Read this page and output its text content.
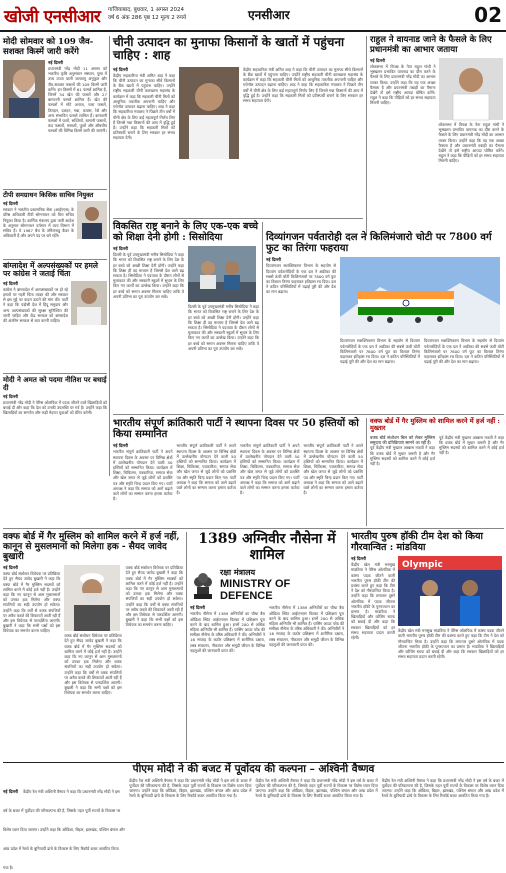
खोजी एनसीआर गाजियाबाद, बुधवार, 1 अगस्त 2024
वर्ष 6 अंक 286 पृष्ठ 12 मूल्य 2 रुपये	एनसीआर	02
मोदी सोमवार को 109 जैव-सशक्त किस्में जारी करेंगे
नई दिल्ली
प्रधानमंत्री नरेंद्र मोदी 11 अगस्त को भारतीय कृषि अनुसंधान संस्थान, पूसा में उच्च उपज वाली जलवायु अनुकूल और जैव-सशक्त फसलों की 109 किस्में जारी करेंगे। इन किस्मों में 61 फसलें शामिल हैं, जिनमें 34 खेत की फसलें और 27 बागवानी फसलें शामिल हैं। खेत की फसलों में मोटे अनाज, चारा फसलें, तिलहन, दलहन, गन्ना, कपास, रेशे और अन्य संभावित फसलें शामिल हैं। बागवानी फसलों में फलों, सब्जियों, बागानी फसलों, कंद फसलों, मसालों, फूलों और औषधीय फसलों की विभिन्न किस्में जारी की जाएंगी।
टीपी समग्राथन किसिक साचिव नियुक्त
नई दिल्ली
सरकार ने भारतीय प्रशासनिक सेवा (आईएएस) के वरिष्ठ अधिकारी टीवी सोमनाथन को वित्त सचिव नियुक्त किया है। कार्मिक मंत्रालय द्वारा जारी आदेश के अनुसार सोमनाथन वर्तमान में व्यय विभाग में सचिव हैं। वे 1987 बैच के तमिलनाडु कैडर के अधिकारी हैं और अपने पद पर बने रहेंगे।
बांग्लादेश में अल्पसंख्यकों पर हमले पर कांग्रेस ने जताई चिंता
नई दिल्ली
कांग्रेस ने बांग्लादेश में अल्पसंख्यकों पर हो रहे हमलों पर गहरी चिंता व्यक्त की और सरकार से इस मुद्दे पर कदम उठाने की मांग की। पार्टी ने कहा कि पड़ोसी देश में हिंदू समुदाय और अन्य अल्पसंख्यकों की सुरक्षा सुनिश्चित की जानी चाहिए और केंद्र सरकार को बांग्लादेश की अंतरिम सरकार से बात करनी चाहिए।
मोदी ने अमत को पदमा नीतिश पर बधाई दी
नई दिल्ली
प्रधानमंत्री नरेंद्र मोदी ने पेरिस ओलंपिक में पदक जीतने वाले खिलाड़ियों को बधाई दी और कहा कि देश को उनकी उपलब्धि पर गर्व है। उन्होंने कहा कि खिलाड़ियों का समर्पण और कड़ी मेहनत युवाओं को प्रेरित करेगी।
चीनी उत्पादन का मुनाफा किसानों के खातों में पहुंचना चाहिए : शाह
नई दिल्ली
केंद्रीय सहकारिता मंत्री अमित शाह ने कहा कि चीनी उत्पादन का मुनाफा सीधे किसानों के बैंक खातों में पहुंचना चाहिए। उन्होंने राष्ट्रीय सहकारी चीनी कारखाना महासंघ के कार्यक्रम में कहा कि सहकारी चीनी मिलों को आधुनिक तकनीक अपनानी चाहिए और एथेनॉल उत्पादन बढ़ाना चाहिए। शाह ने कहा कि सहकारिता मंत्रालय ने पिछले तीन वर्षों में चीनी क्षेत्र के लिए कई महत्वपूर्ण निर्णय लिए हैं जिनसे गन्ना किसानों की आय में वृद्धि हुई है। उन्होंने कहा कि सहकारी मिलों को प्रतिस्पर्धी बनाने के लिए सरकार हर संभव सहायता देगी।
केंद्रीय सहकारिता मंत्री अमित शाह ने कहा कि चीनी उत्पादन का मुनाफा सीधे किसानों के बैंक खातों में पहुंचना चाहिए। उन्होंने राष्ट्रीय सहकारी चीनी कारखाना महासंघ के कार्यक्रम में कहा कि सहकारी चीनी मिलों को आधुनिक तकनीक अपनानी चाहिए और एथेनॉल उत्पादन बढ़ाना चाहिए। शाह ने कहा कि सहकारिता मंत्रालय ने पिछले तीन वर्षों में चीनी क्षेत्र के लिए कई महत्वपूर्ण निर्णय लिए हैं जिनसे गन्ना किसानों की आय में वृद्धि हुई है। उन्होंने कहा कि सहकारी मिलों को प्रतिस्पर्धी बनाने के लिए सरकार हर संभव सहायता देगी।
राहुल ने वायनाड जाने के फैसले के लिए प्रधानमंत्री का आभार जताया
नई दिल्ली
लोकसभा में विपक्ष के नेता राहुल गांधी ने भूस्खलन प्रभावित वायनाड का दौरा करने के फैसले के लिए प्रधानमंत्री नरेंद्र मोदी का आभार व्यक्त किया। उन्होंने कहा कि यह एक अच्छा फैसला है और प्रधानमंत्री तबाही का पैमाना देखेंगे तो इसे राष्ट्रीय आपदा घोषित करेंगे। राहुल ने कहा कि पीड़ितों को हर संभव सहायता मिलनी चाहिए।
लोकसभा में विपक्ष के नेता राहुल गांधी ने भूस्खलन प्रभावित वायनाड का दौरा करने के फैसले के लिए प्रधानमंत्री नरेंद्र मोदी का आभार व्यक्त किया। उन्होंने कहा कि यह एक अच्छा फैसला है और प्रधानमंत्री तबाही का पैमाना देखेंगे तो इसे राष्ट्रीय आपदा घोषित करेंगे। राहुल ने कहा कि पीड़ितों को हर संभव सहायता मिलनी चाहिए।
विकसित राष्ट्र बनाने के लिए एक-एक बच्चे को शिक्षा देनी होगी : सिसोदिया
नई दिल्ली
दिल्ली के पूर्व उपमुख्यमंत्री मनीष सिसोदिया ने कहा कि भारत को विकसित राष्ट्र बनाने के लिए देश के हर बच्चे को अच्छी शिक्षा देनी होगी। उन्होंने कहा कि शिक्षा ही वह माध्यम है जिससे देश आगे बढ़ सकता है। सिसोदिया ने पदयात्रा के दौरान लोगों से मुलाकात की और सरकारी स्कूलों में सुधार के लिए किए गए कार्यों का उल्लेख किया। उन्होंने कहा कि हर बच्चे को समान अवसर मिलना चाहिए ताकि वे अपनी प्रतिभा का पूरा उपयोग कर सकें।
दिल्ली के पूर्व उपमुख्यमंत्री मनीष सिसोदिया ने कहा कि भारत को विकसित राष्ट्र बनाने के लिए देश के हर बच्चे को अच्छी शिक्षा देनी होगी। उन्होंने कहा कि शिक्षा ही वह माध्यम है जिससे देश आगे बढ़ सकता है। सिसोदिया ने पदयात्रा के दौरान लोगों से मुलाकात की और सरकारी स्कूलों में सुधार के लिए किए गए कार्यों का उल्लेख किया। उन्होंने कहा कि हर बच्चे को समान अवसर मिलना चाहिए ताकि वे अपनी प्रतिभा का पूरा उपयोग कर सकें।
दिव्यांगजन पर्वतारोही दल ने किलिमंजारो चोटी पर 7800 वर्ग फुट का तिरंगा फहराया
नई दिल्ली
दिव्यांगजन सशक्तिकरण विभाग के सहयोग से दिव्यांग पर्वतारोहियों के एक दल ने अफ्रीका की सबसे ऊंची चोटी किलिमंजारो पर 7800 वर्ग फुट का विशाल तिरंगा फहराकर इतिहास रच दिया। दल ने कठिन परिस्थितियों में चढ़ाई पूरी की और देश का मान बढ़ाया।
दिव्यांगजन सशक्तिकरण विभाग के सहयोग से दिव्यांग पर्वतारोहियों के एक दल ने अफ्रीका की सबसे ऊंची चोटी किलिमंजारो पर 7800 वर्ग फुट का विशाल तिरंगा फहराकर इतिहास रच दिया। दल ने कठिन परिस्थितियों में चढ़ाई पूरी की और देश का मान बढ़ाया।
दिव्यांगजन सशक्तिकरण विभाग के सहयोग से दिव्यांग पर्वतारोहियों के एक दल ने अफ्रीका की सबसे ऊंची चोटी किलिमंजारो पर 7800 वर्ग फुट का विशाल तिरंगा फहराकर इतिहास रच दिया। दल ने कठिन परिस्थितियों में चढ़ाई पूरी की और देश का मान बढ़ाया।
भारतीय संपूर्ण क्रांतिकारी पार्टी ने स्थापना दिवस पर 50 हस्तियों को किया सम्मानित
नई दिल्ली
भारतीय संपूर्ण क्रांतिकारी पार्टी ने अपने स्थापना दिवस के अवसर पर विभिन्न क्षेत्रों में उल्लेखनीय योगदान देने वाली 50 हस्तियों को सम्मानित किया। कार्यक्रम में शिक्षा, चिकित्सा, पत्रकारिता, समाज सेवा और खेल जगत से जुड़े लोगों को प्रशस्ति पत्र और स्मृति चिन्ह प्रदान किए गए। पार्टी अध्यक्ष ने कहा कि समाज को आगे बढ़ाने वाले लोगों का सम्मान करना हमारा कर्तव्य है।
भारतीय संपूर्ण क्रांतिकारी पार्टी ने अपने स्थापना दिवस के अवसर पर विभिन्न क्षेत्रों में उल्लेखनीय योगदान देने वाली 50 हस्तियों को सम्मानित किया। कार्यक्रम में शिक्षा, चिकित्सा, पत्रकारिता, समाज सेवा और खेल जगत से जुड़े लोगों को प्रशस्ति पत्र और स्मृति चिन्ह प्रदान किए गए। पार्टी अध्यक्ष ने कहा कि समाज को आगे बढ़ाने वाले लोगों का सम्मान करना हमारा कर्तव्य है।
भारतीय संपूर्ण क्रांतिकारी पार्टी ने अपने स्थापना दिवस के अवसर पर विभिन्न क्षेत्रों में उल्लेखनीय योगदान देने वाली 50 हस्तियों को सम्मानित किया। कार्यक्रम में शिक्षा, चिकित्सा, पत्रकारिता, समाज सेवा और खेल जगत से जुड़े लोगों को प्रशस्ति पत्र और स्मृति चिन्ह प्रदान किए गए। पार्टी अध्यक्ष ने कहा कि समाज को आगे बढ़ाने वाले लोगों का सम्मान करना हमारा कर्तव्य है।
भारतीय संपूर्ण क्रांतिकारी पार्टी ने अपने स्थापना दिवस के अवसर पर विभिन्न क्षेत्रों में उल्लेखनीय योगदान देने वाली 50 हस्तियों को सम्मानित किया। कार्यक्रम में शिक्षा, चिकित्सा, पत्रकारिता, समाज सेवा और खेल जगत से जुड़े लोगों को प्रशस्ति पत्र और स्मृति चिन्ह प्रदान किए गए। पार्टी अध्यक्ष ने कहा कि समाज को आगे बढ़ाने वाले लोगों का सम्मान करना हमारा कर्तव्य है।
वक्फ बोर्ड में गैर मुस्लिम को शामिल करने में हर्ज नहीं : मुख्तार
वक्फ बोर्ड संशोधन बिल को लेकर मुस्लिम समुदाय की प्रतिक्रियाएं सामने आ रही हैं।
पूर्व केंद्रीय मंत्री मुख्तार अब्बास नकवी ने कहा कि वक्फ बोर्ड में सुधार जरूरी है और गैर मुस्लिम सदस्यों को शामिल करने में कोई हर्ज नहीं है।
पूर्व केंद्रीय मंत्री मुख्तार अब्बास नकवी ने कहा कि वक्फ बोर्ड में सुधार जरूरी है और गैर मुस्लिम सदस्यों को शामिल करने में कोई हर्ज नहीं है।
वक्फ बोर्ड में गैर मुस्लिम को शामिल करने में हर्ज नहीं, कानून से मुसलमानों को मिलेगा हक - सैयद जावेद बुखारी
नई दिल्ली
वक्फ बोर्ड संशोधन विधेयक पर प्रतिक्रिया देते हुए सैयद जावेद बुखारी ने कहा कि वक्फ बोर्ड में गैर मुस्लिम सदस्यों को शामिल करने में कोई हर्ज नहीं है। उन्होंने कहा कि नए कानून से आम मुसलमानों को उनका हक मिलेगा और वक्फ संपत्तियों का सही उपयोग हो सकेगा। उन्होंने कहा कि वर्षों से वक्फ संपत्तियों पर अवैध कब्जे की शिकायतें आती रही हैं और इस विधेयक से पारदर्शिता आएगी। बुखारी ने कहा कि सभी पक्षों को इस विधेयक का समर्थन करना चाहिए।
वक्फ बोर्ड संशोधन विधेयक पर प्रतिक्रिया देते हुए सैयद जावेद बुखारी ने कहा कि वक्फ बोर्ड में गैर मुस्लिम सदस्यों को शामिल करने में कोई हर्ज नहीं है। उन्होंने कहा कि नए कानून से आम मुसलमानों को उनका हक मिलेगा और वक्फ संपत्तियों का सही उपयोग हो सकेगा। उन्होंने कहा कि वर्षों से वक्फ संपत्तियों पर अवैध कब्जे की शिकायतें आती रही हैं और इस विधेयक से पारदर्शिता आएगी। बुखारी ने कहा कि सभी पक्षों को इस विधेयक का समर्थन करना चाहिए।
वक्फ बोर्ड संशोधन विधेयक पर प्रतिक्रिया देते हुए सैयद जावेद बुखारी ने कहा कि वक्फ बोर्ड में गैर मुस्लिम सदस्यों को शामिल करने में कोई हर्ज नहीं है। उन्होंने कहा कि नए कानून से आम मुसलमानों को उनका हक मिलेगा और वक्फ संपत्तियों का सही उपयोग हो सकेगा। उन्होंने कहा कि वर्षों से वक्फ संपत्तियों पर अवैध कब्जे की शिकायतें आती रही हैं और इस विधेयक से पारदर्शिता आएगी। बुखारी ने कहा कि सभी पक्षों को इस विधेयक का समर्थन करना चाहिए।
1389 अग्निवीर नौसेना में शामिल
रक्षा मंत्रालय
MINISTRY OF
DEFENCE
नई दिल्ली
भारतीय नौसेना में 1389 अग्निवीरों का चौथा बैच ओडिशा स्थित आईएनएस चिल्का में प्रशिक्षण पूरा करने के बाद शामिल हुआ। इनमें 200 से अधिक महिला अग्निवीर भी शामिल हैं। पासिंग आउट परेड की समीक्षा नौसेना के वरिष्ठ अधिकारी ने की। अग्निवीरों ने 16 सप्ताह के कठोर प्रशिक्षण में शारीरिक दक्षता, शस्त्र संचालन, नौकायन और समुद्री जीवन के विभिन्न पहलुओं की जानकारी प्राप्त की।
भारतीय नौसेना में 1389 अग्निवीरों का चौथा बैच ओडिशा स्थित आईएनएस चिल्का में प्रशिक्षण पूरा करने के बाद शामिल हुआ। इनमें 200 से अधिक महिला अग्निवीर भी शामिल हैं। पासिंग आउट परेड की समीक्षा नौसेना के वरिष्ठ अधिकारी ने की। अग्निवीरों ने 16 सप्ताह के कठोर प्रशिक्षण में शारीरिक दक्षता, शस्त्र संचालन, नौकायन और समुद्री जीवन के विभिन्न पहलुओं की जानकारी प्राप्त की।
भारतीय पुरुष हॉकी टीम देश को किया गौरवान्वित : मांडविया
नई दिल्ली
केंद्रीय खेल मंत्री मनसुख मांडविया ने पेरिस ओलंपिक में कांस्य पदक जीतने वाली भारतीय पुरुष हॉकी टीम की प्रशंसा करते हुए कहा कि टीम ने देश को गौरवान्वित किया है। उन्होंने कहा कि लगातार दूसरे ओलंपिक में पदक जीतना भारतीय हॉकी के पुनरुत्थान का प्रमाण है। मांडविया ने खिलाड़ियों और कोचिंग स्टाफ को बधाई दी और कहा कि सरकार खिलाड़ियों को हर संभव सहायता प्रदान करती रहेगी।
Olympic
केंद्रीय खेल मंत्री मनसुख मांडविया ने पेरिस ओलंपिक में कांस्य पदक जीतने वाली भारतीय पुरुष हॉकी टीम की प्रशंसा करते हुए कहा कि टीम ने देश को गौरवान्वित किया है। उन्होंने कहा कि लगातार दूसरे ओलंपिक में पदक जीतना भारतीय हॉकी के पुनरुत्थान का प्रमाण है। मांडविया ने खिलाड़ियों और कोचिंग स्टाफ को बधाई दी और कहा कि सरकार खिलाड़ियों को हर संभव सहायता प्रदान करती रहेगी।
पीएम मोदी ने की बजट में पूर्वोदय की कल्पना – अश्विनी वैष्णव
नई दिल्ली केंद्रीय रेल मंत्री अश्विनी वैष्णव ने कहा कि प्रधानमंत्री नरेंद्र मोदी ने इस वर्ष के बजट में पूर्वोदय की परिकल्पना की है, जिसके तहत पूर्वी राज्यों के विकास पर विशेष ध्यान दिया जाएगा। उन्होंने कहा कि ओडिशा, बिहार, झारखंड, पश्चिम बंगाल और आंध्र प्रदेश में रेलवे के बुनियादी ढांचे के विकास के लिए रिकॉर्ड बजट आवंटित किया गया है।
केंद्रीय रेल मंत्री अश्विनी वैष्णव ने कहा कि प्रधानमंत्री नरेंद्र मोदी ने इस वर्ष के बजट में पूर्वोदय की परिकल्पना की है, जिसके तहत पूर्वी राज्यों के विकास पर विशेष ध्यान दिया जाएगा। उन्होंने कहा कि ओडिशा, बिहार, झारखंड, पश्चिम बंगाल और आंध्र प्रदेश में रेलवे के बुनियादी ढांचे के विकास के लिए रिकॉर्ड बजट आवंटित किया गया है।
केंद्रीय रेल मंत्री अश्विनी वैष्णव ने कहा कि प्रधानमंत्री नरेंद्र मोदी ने इस वर्ष के बजट में पूर्वोदय की परिकल्पना की है, जिसके तहत पूर्वी राज्यों के विकास पर विशेष ध्यान दिया जाएगा। उन्होंने कहा कि ओडिशा, बिहार, झारखंड, पश्चिम बंगाल और आंध्र प्रदेश में रेलवे के बुनियादी ढांचे के विकास के लिए रिकॉर्ड बजट आवंटित किया गया है।
केंद्रीय रेल मंत्री अश्विनी वैष्णव ने कहा कि प्रधानमंत्री नरेंद्र मोदी ने इस वर्ष के बजट में पूर्वोदय की परिकल्पना की है, जिसके तहत पूर्वी राज्यों के विकास पर विशेष ध्यान दिया जाएगा। उन्होंने कहा कि ओडिशा, बिहार, झारखंड, पश्चिम बंगाल और आंध्र प्रदेश में रेलवे के बुनियादी ढांचे के विकास के लिए रिकॉर्ड बजट आवंटित किया गया है।
